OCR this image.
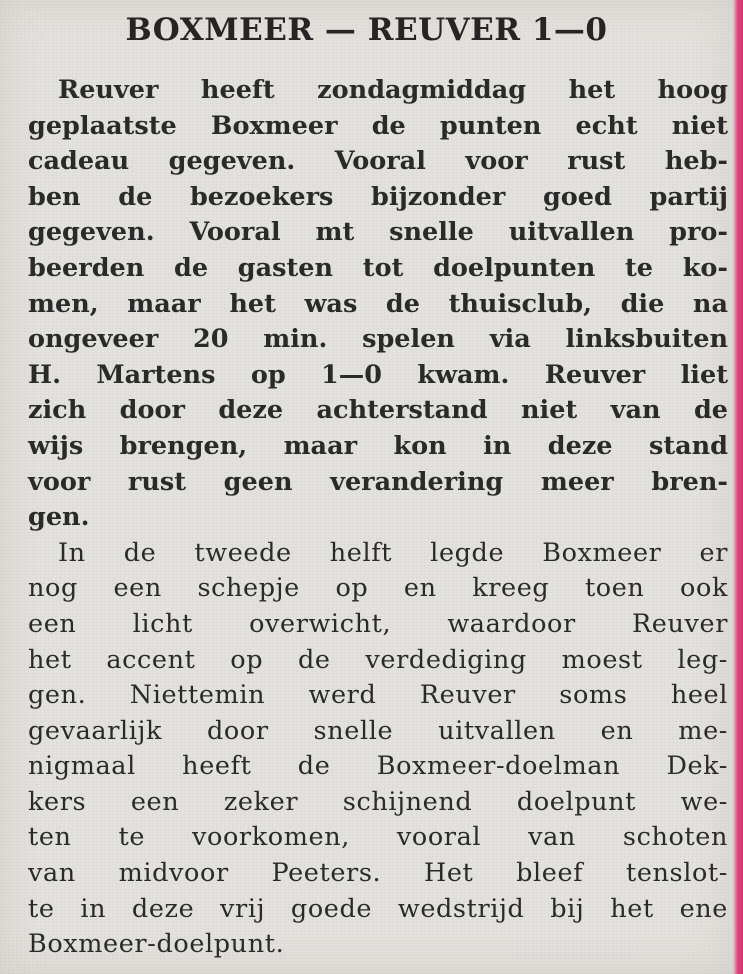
BOXMEER — REUVER 1—0
Reuver heeft zondagmiddag het hoog
geplaatste Boxmeer de punten echt niet
cadeau gegeven. Vooral voor rust heb-
ben de bezoekers bijzonder goed partij
gegeven. Vooral mt snelle uitvallen pro-
beerden de gasten tot doelpunten te ko-
men, maar het was de thuisclub, die na
ongeveer 20 min. spelen via linksbuiten
H. Martens op 1—0 kwam. Reuver liet
zich door deze achterstand niet van de
wijs brengen, maar kon in deze stand
voor rust geen verandering meer bren-
gen.
In de tweede helft legde Boxmeer er
nog een schepje op en kreeg toen ook
een licht overwicht, waardoor Reuver
het accent op de verdediging moest leg-
gen. Niettemin werd Reuver soms heel
gevaarlijk door snelle uitvallen en me-
nigmaal heeft de Boxmeer-doelman Dek-
kers een zeker schijnend doelpunt we-
ten te voorkomen, vooral van schoten
van midvoor Peeters. Het bleef tenslot-
te in deze vrij goede wedstrijd bij het ene
Boxmeer-doelpunt.
